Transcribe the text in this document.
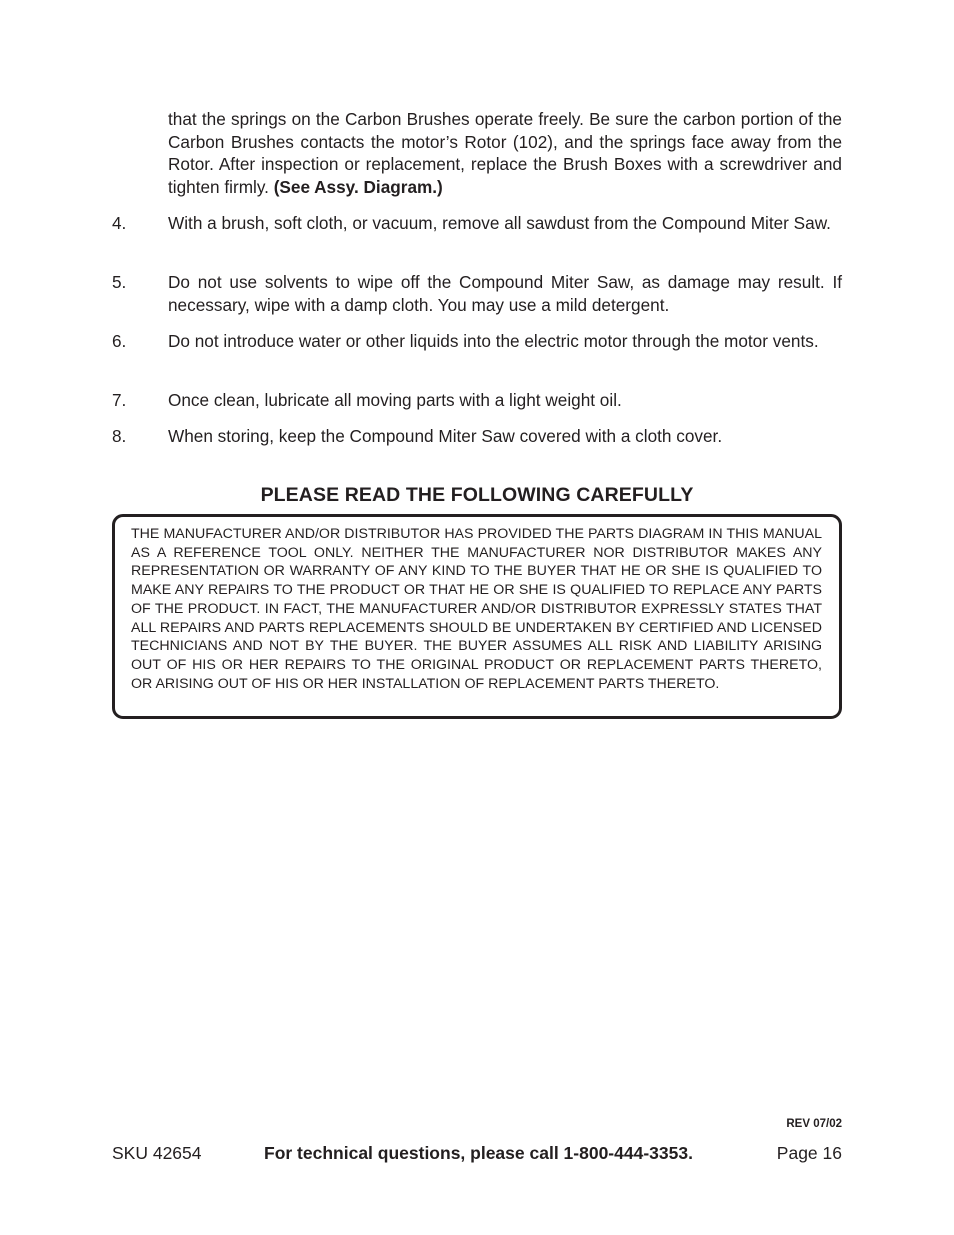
that the springs on the Carbon Brushes operate freely. Be sure the carbon portion of the Carbon Brushes contacts the motor’s Rotor (102), and the springs face away from the Rotor. After inspection or replacement, replace the Brush Boxes with a screwdriver and tighten firmly. (See Assy. Diagram.)

4.	With a brush, soft cloth, or vacuum, remove all sawdust from the Compound Miter Saw.
5.	Do not use solvents to wipe off the Compound Miter Saw, as damage may result. If necessary, wipe with a damp cloth. You may use a mild detergent.
6.	Do not introduce water or other liquids into the electric motor through the motor vents.
7.	Once clean, lubricate all moving parts with a light weight oil.
8.	When storing, keep the Compound Miter Saw covered with a cloth cover.
PLEASE READ THE FOLLOWING CAREFULLY
THE MANUFACTURER AND/OR DISTRIBUTOR HAS PROVIDED THE PARTS DIAGRAM IN THIS MANUAL AS A REFERENCE TOOL ONLY. NEITHER THE MANUFACTURER NOR DISTRIBUTOR MAKES ANY REPRESENTATION OR WARRANTY OF ANY KIND TO THE BUYER THAT HE OR SHE IS QUALIFIED TO MAKE ANY REPAIRS TO THE PRODUCT OR THAT HE OR SHE IS QUALIFIED TO REPLACE ANY PARTS OF THE PRODUCT. IN FACT, THE MANUFACTURER AND/OR DISTRIBUTOR EXPRESSLY STATES THAT ALL REPAIRS AND PARTS REPLACEMENTS SHOULD BE UNDERTAKEN BY CERTIFIED AND LICENSED TECHNICIANS AND NOT BY THE BUYER. THE BUYER ASSUMES ALL RISK AND LIABILITY ARISING OUT OF HIS OR HER REPAIRS TO THE ORIGINAL PRODUCT OR REPLACEMENT PARTS THERETO, OR ARISING OUT OF HIS OR HER INSTALLATION OF REPLACEMENT PARTS THERETO.
REV 07/02
SKU 42654	For technical questions, please call 1-800-444-3353.	Page 16
